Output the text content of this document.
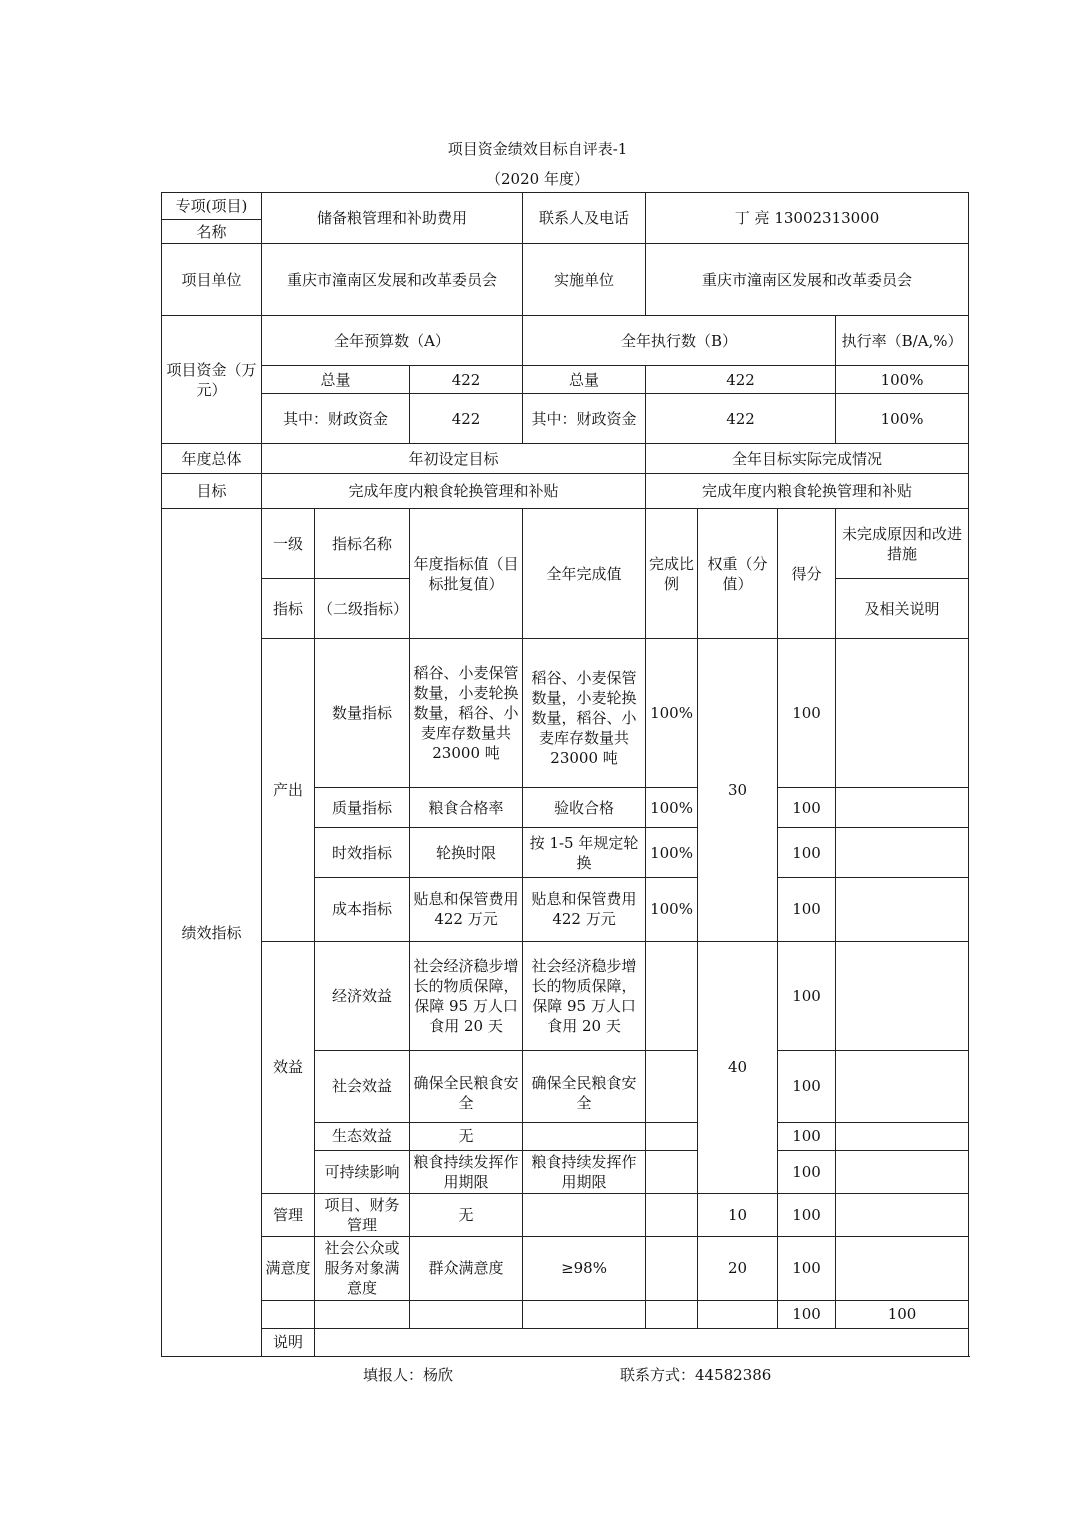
项目资金绩效目标自评表-1
（2020 年度）
专项(项目)	储备粮管理和补助费用			联系人及电话	丁 亮 13002313000				
名称									
项目单位	重庆市潼南区发展和改革委员会			实施单位	重庆市潼南区发展和改革委员会				
项目资金（万元）	全年预算数（A）			全年执行数（B）				执行率（B/A,%）	
	总量		422	总量	422			100%	
	其中：财政资金		422	其中：财政资金	422			100%	
年度总体	年初设定目标				全年目标实际完成情况				
目标	完成年度内粮食轮换管理和补贴				完成年度内粮食轮换管理和补贴				
绩效指标	一级	指标名称	年度指标值（目标批复值）	全年完成值	完成比例	权重（分值）	得分	未完成原因和改进措施	
	指标	（二级指标）						及相关说明	
	产出	数量指标	稻谷、小麦保管数量，小麦轮换数量，稻谷、小麦库存数量共 23000 吨	稻谷、小麦保管数量，小麦轮换数量，稻谷、小麦库存数量共 23000 吨	100%	30	100		
		质量指标	粮食合格率	验收合格	100%		100		
		时效指标	轮换时限	按 1-5 年规定轮换	100%		100		
		成本指标	贴息和保管费用 422 万元	贴息和保管费用 422 万元	100%		100		
	效益	经济效益	社会经济稳步增长的物质保障，保障 95 万人口食用 20 天	社会经济稳步增长的物质保障，保障 95 万人口食用 20 天		40	100		
		社会效益	确保全民粮食安全	确保全民粮食安全			100		
		生态效益	无				100		
		可持续影响	粮食持续发挥作用期限	粮食持续发挥作用期限			100		
	管理	项目、财务管理	无			10	100		
	满意度	社会公众或服务对象满意度	群众满意度	≥98%		20	100		
							100	100	
	说明								
填报人：杨欣	联系方式：44582386
